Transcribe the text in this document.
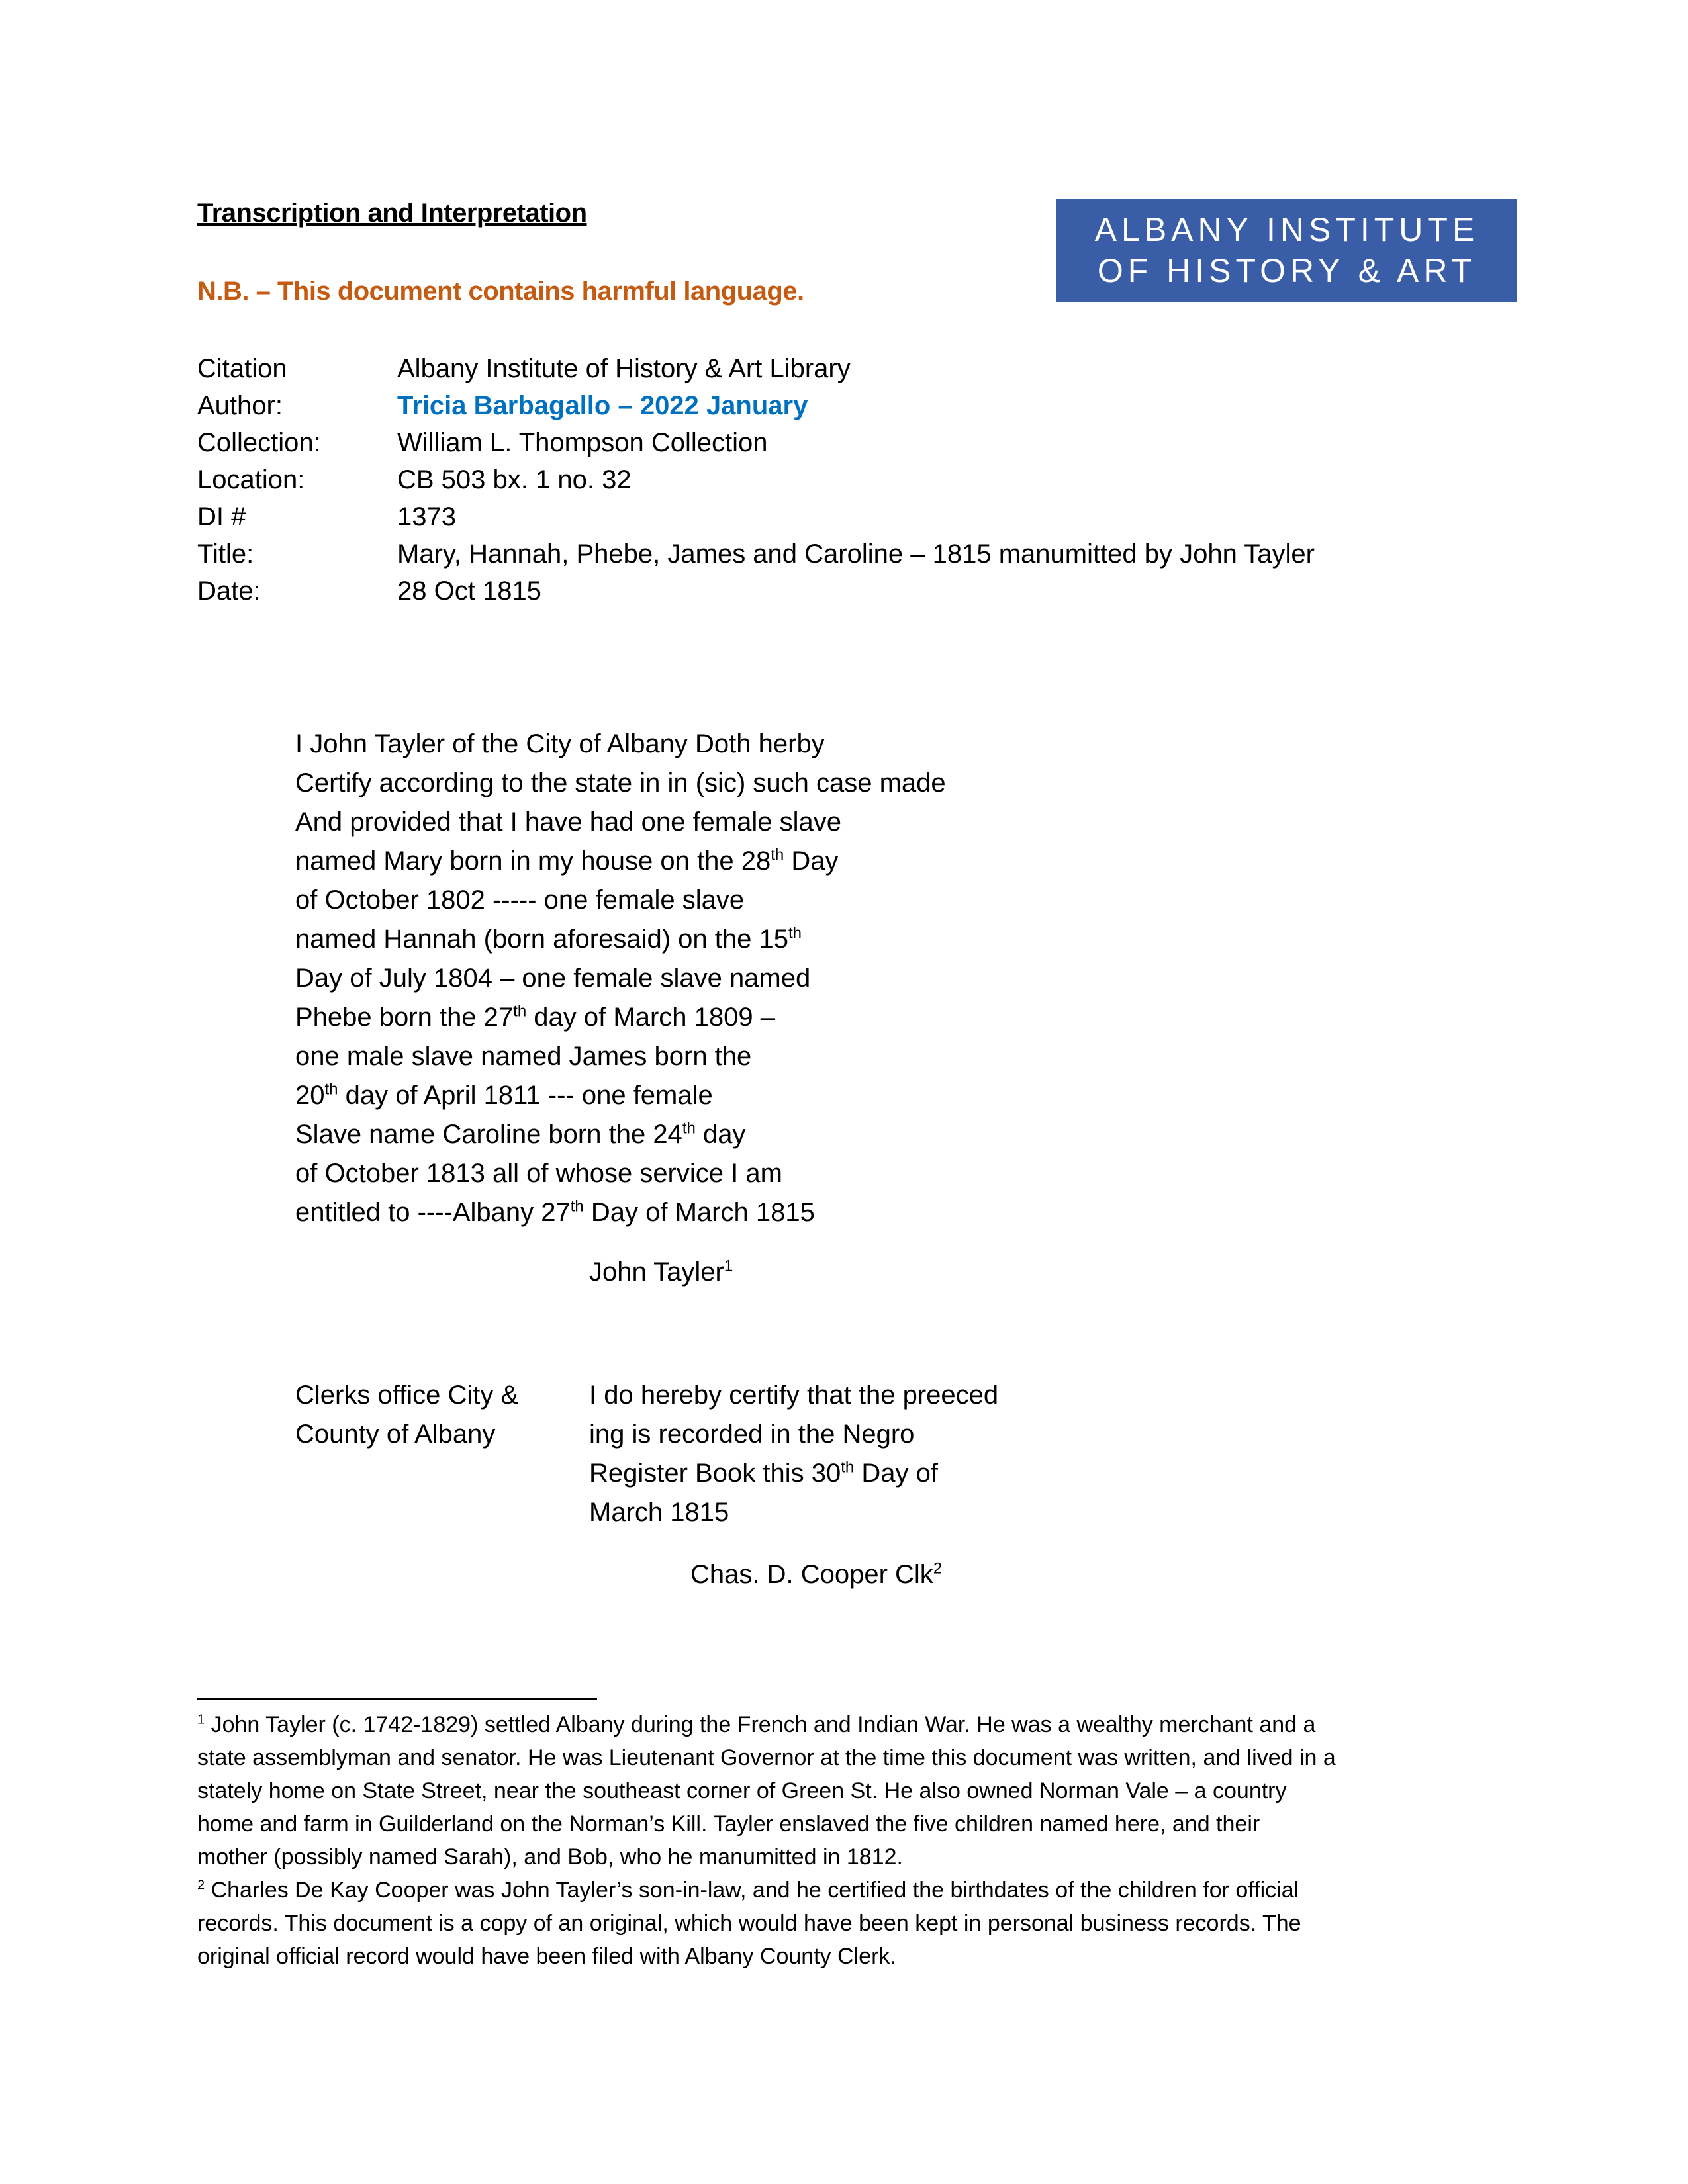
Transcription and Interpretation
N.B. – This document contains harmful language.
ALBANY INSTITUTE
OF HISTORY & ART
Citation	Albany Institute of History & Art Library
Author:	Tricia Barbagallo – 2022 January
Collection:	William L. Thompson Collection
Location:	CB 503 bx. 1 no. 32
DI #	1373
Title:	Mary, Hannah, Phebe, James and Caroline – 1815 manumitted by John Tayler
Date:	28 Oct 1815
I John Tayler of the City of Albany Doth herby
Certify according to the state in in (sic) such case made
And provided that I have had one female slave
named Mary born in my house on the 28th Day
of October 1802 ----- one female slave
named Hannah (born aforesaid) on the 15th
Day of July 1804 – one female slave named
Phebe born the 27th day of March 1809 –
one male slave named James born the
20th day of April 1811 --- one female
Slave name Caroline born the 24th day
of October 1813 all of whose service I am
entitled to ----Albany 27th Day of March 1815
John Tayler$^1$
Clerks office City &
County of Albany
I do hereby certify that the preeced
ing is recorded in the Negro
Register Book this 30th Day of
March 1815
Chas. D. Cooper Clk$^2$
$^1$ John Tayler (c. 1742-1829) settled Albany during the French and Indian War. He was a wealthy merchant and a
state assemblyman and senator. He was Lieutenant Governor at the time this document was written, and lived in a
stately home on State Street, near the southeast corner of Green St. He also owned Norman Vale – a country
home and farm in Guilderland on the Norman’s Kill. Tayler enslaved the five children named here, and their
mother (possibly named Sarah), and Bob, who he manumitted in 1812.
$^2$ Charles De Kay Cooper was John Tayler’s son-in-law, and he certified the birthdates of the children for official
records. This document is a copy of an original, which would have been kept in personal business records. The
original official record would have been filed with Albany County Clerk.
